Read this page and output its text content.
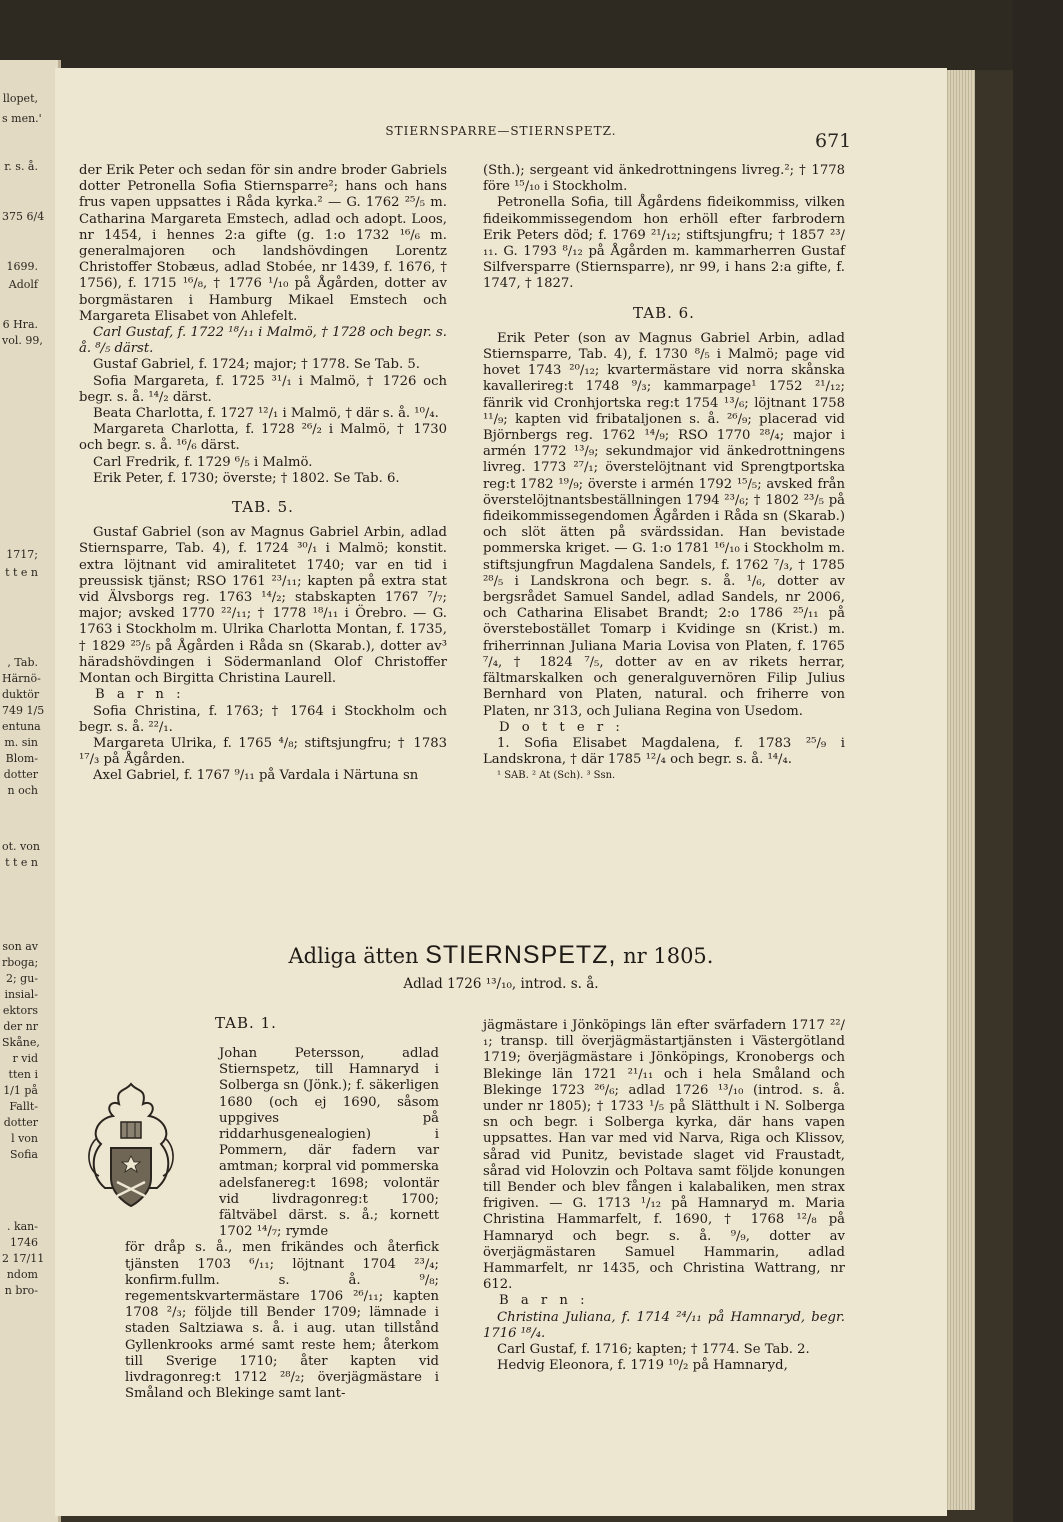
llopet,
s men.'
r. s. å.
375 6/4
1699.
Adolf
6 Hra.
vol. 99,
1717;
t t e n
, Tab.
Härnö-
duktör
749 1/5
entuna
m. sin
Blom-
dotter
n och
ot. von
t t e n
son av
rboga;
2; gu-
insial-
ektors
der nr
Skåne,
r vid
tten i
1/1 på
Fallt-
dotter
l von
Sofia
. kan-
1746
2 17/11
ndom
n bro-
STIERNSPARRE—STIERNSPETZ.	671

der Erik Peter och sedan för sin andre broder Gabriels dotter Petronella Sofia Stiernsparre²; hans och hans frus vapen uppsattes i Råda kyrka.² — G. 1762 ²⁵/₅ m. Catharina Margareta Emstech, adlad och adopt. Loos, nr 1454, i hennes 2:a gifte (g. 1:o 1732 ¹⁶/₆ m. generalmajoren och landshövdingen Lorentz Christoffer Stobæus, adlad Stobée, nr 1439, f. 1676, † 1756), f. 1715 ¹⁶/₈, † 1776 ¹/₁₀ på Ågården, dotter av borgmästaren i Hamburg Mikael Emstech och Margareta Elisabet von Ahlefelt.

Carl Gustaf, f. 1722 ¹⁸/₁₁ i Malmö, † 1728 och begr. s. å. ⁸/₅ därst.

Gustaf Gabriel, f. 1724; major; † 1778. Se Tab. 5.

Sofia Margareta, f. 1725 ³¹/₁ i Malmö, † 1726 och begr. s. å. ¹⁴/₂ därst.

Beata Charlotta, f. 1727 ¹²/₁ i Malmö, † där s. å. ¹⁰/₄.

Margareta Charlotta, f. 1728 ²⁶/₂ i Malmö, † 1730 och begr. s. å. ¹⁶/₆ därst.

Carl Fredrik, f. 1729 ⁶/₅ i Malmö.

Erik Peter, f. 1730; överste; † 1802. Se Tab. 6.

TAB. 5.

Gustaf Gabriel (son av Magnus Gabriel Arbin, adlad Stiernsparre, Tab. 4), f. 1724 ³⁰/₁ i Malmö; konstit. extra löjtnant vid amiralitetet 1740; var en tid i preussisk tjänst; RSO 1761 ²³/₁₁; kapten på extra stat vid Älvsborgs reg. 1763 ¹⁴/₂; stabskapten 1767 ⁷/₇; major; avsked 1770 ²²/₁₁; † 1778 ¹⁸/₁₁ i Örebro. — G. 1763 i Stockholm m. Ulrika Charlotta Montan, f. 1735, † 1829 ²⁵/₅ på Ågården i Råda sn (Skarab.), dotter av³ häradshövdingen i Södermanland Olof Christoffer Montan och Birgitta Christina Laurell.

B a r n :

Sofia Christina, f. 1763; † 1764 i Stockholm och begr. s. å. ²²/₁.

Margareta Ulrika, f. 1765 ⁴/₈; stiftsjungfru; † 1783 ¹⁷/₃ på Ågården.

Axel Gabriel, f. 1767 ⁹/₁₁ på Vardala i Närtuna sn

(Sth.); sergeant vid änkedrottningens livreg.²; † 1778 före ¹⁵/₁₀ i Stockholm.

Petronella Sofia, till Ågårdens fideikommiss, vilken fideikommissegendom hon erhöll efter farbrodern Erik Peters död; f. 1769 ²¹/₁₂; stiftsjungfru; † 1857 ²³/₁₁. G. 1793 ⁸/₁₂ på Ågården m. kammarherren Gustaf Silfversparre (Stiernsparre), nr 99, i hans 2:a gifte, f. 1747, † 1827.

TAB. 6.

Erik Peter (son av Magnus Gabriel Arbin, adlad Stiernsparre, Tab. 4), f. 1730 ⁸/₅ i Malmö; page vid hovet 1743 ²⁰/₁₂; kvartermästare vid norra skånska kavallerireg:t 1748 ⁹/₃; kammarpage¹ 1752 ²¹/₁₂; fänrik vid Cronhjortska reg:t 1754 ¹³/₆; löjtnant 1758 ¹¹/₉; kapten vid fribataljonen s. å. ²⁶/₉; placerad vid Björnbergs reg. 1762 ¹⁴/₉; RSO 1770 ²⁸/₄; major i armén 1772 ¹³/₉; sekundmajor vid änkedrottningens livreg. 1773 ²⁷/₁; överstelöjtnant vid Sprengtportska reg:t 1782 ¹⁹/₉; överste i armén 1792 ¹⁵/₅; avsked från överstelöjtnantsbeställningen 1794 ²³/₆; † 1802 ²³/₅ på fideikommissegendomen Ågården i Råda sn (Skarab.) och slöt ätten på svärdssidan. Han bevistade pommerska kriget. — G. 1:o 1781 ¹⁶/₁₀ i Stockholm m. stiftsjungfrun Magdalena Sandels, f. 1762 ⁷/₃, † 1785 ²⁸/₅ i Landskrona och begr. s. å. ¹/₆, dotter av bergsrådet Samuel Sandel, adlad Sandels, nr 2006, och Catharina Elisabet Brandt; 2:o 1786 ²⁵/₁₁ på överstebostället Tomarp i Kvidinge sn (Krist.) m. friherrinnan Juliana Maria Lovisa von Platen, f. 1765 ⁷/₄, † 1824 ⁷/₅, dotter av en av rikets herrar, fältmarskalken och generalguvernören Filip Julius Bernhard von Platen, natural. och friherre von Platen, nr 313, och Juliana Regina von Usedom.

D o t t e r :

1. Sofia Elisabet Magdalena, f. 1783 ²⁵/₉ i Landskrona, † där 1785 ¹²/₄ och begr. s. å. ¹⁴/₄.

¹ SAB. ² At (Sch). ³ Ssn.

Adliga ätten STIERNSPETZ, nr 1805.
Adlad 1726 ¹³/₁₀, introd. s. å.
TAB. 1.

Johan Petersson, adlad Stiernspetz, till Hamnaryd i Solberga sn (Jönk.); f. säkerligen 1680 (och ej 1690, såsom uppgives på riddarhusgenealogien) i Pommern, där fadern var amtman; korpral vid pommerska adelsfanereg:t 1698; volontär vid livdragonreg:t 1700; fältväbel därst. s. å.; kornett 1702 ¹⁴/₇; rymde

för dråp s. å., men frikändes och återfick tjänsten 1703 ⁶/₁₁; löjtnant 1704 ²³/₄; konfirm.fullm. s. å. ⁹/₈; regementskvartermästare 1706 ²⁶/₁₁; kapten 1708 ²/₃; följde till Bender 1709; lämnade i staden Saltziawa s. å. i aug. utan tillstånd Gyllenkrooks armé samt reste hem; återkom till Sverige 1710; åter kapten vid livdragonreg:t 1712 ²⁸/₂; överjägmästare i Småland och Blekinge samt lant-

jägmästare i Jönköpings län efter svärfadern 1717 ²²/₁; transp. till överjägmästartjänsten i Västergötland 1719; överjägmästare i Jönköpings, Kronobergs och Blekinge län 1721 ²¹/₁₁ och i hela Småland och Blekinge 1723 ²⁶/₆; adlad 1726 ¹³/₁₀ (introd. s. å. under nr 1805); † 1733 ¹/₅ på Slätthult i N. Solberga sn och begr. i Solberga kyrka, där hans vapen uppsattes. Han var med vid Narva, Riga och Klissov, sårad vid Punitz, bevistade slaget vid Fraustadt, sårad vid Holovzin och Poltava samt följde konungen till Bender och blev fången i kalabaliken, men strax frigiven. — G. 1713 ¹/₁₂ på Hamnaryd m. Maria Christina Hammarfelt, f. 1690, † 1768 ¹²/₈ på Hamnaryd och begr. s. å. ⁹/₉, dotter av överjägmästaren Samuel Hammarin, adlad Hammarfelt, nr 1435, och Christina Wattrang, nr 612.

B a r n :

Christina Juliana, f. 1714 ²⁴/₁₁ på Hamnaryd, begr. 1716 ¹⁸/₄.

Carl Gustaf, f. 1716; kapten; † 1774. Se Tab. 2.

Hedvig Eleonora, f. 1719 ¹⁰/₂ på Hamnaryd,
